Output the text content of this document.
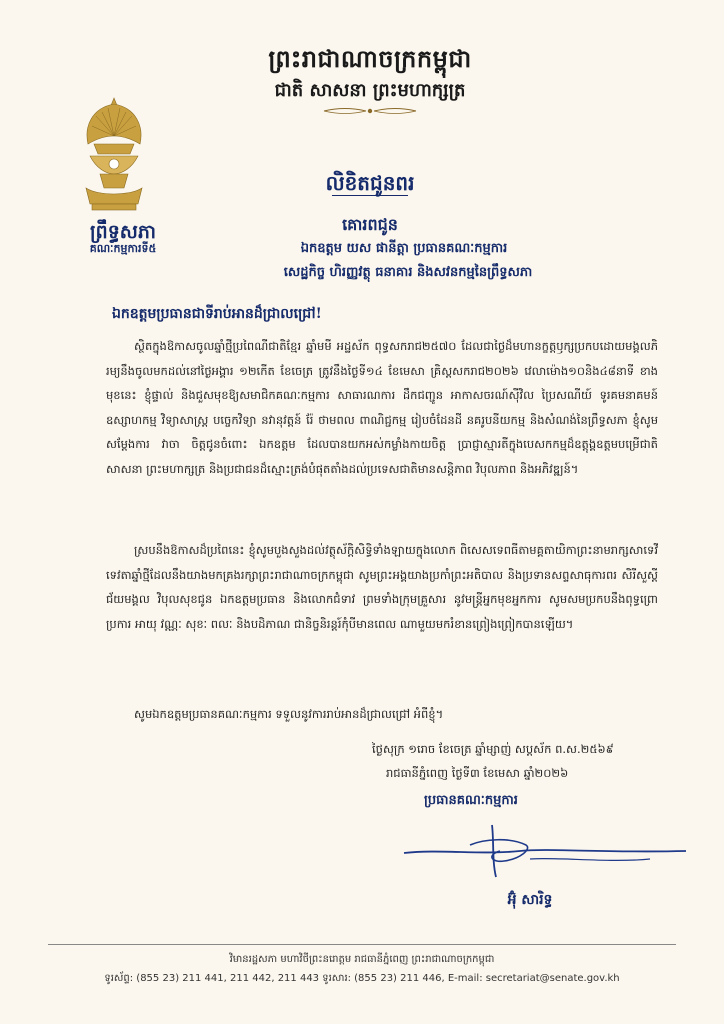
ព្រះរាជាណាចក្រកម្ពុជា
ជាតិ សាសនា ព្រះមហាក្សត្រ
ព្រឹទ្ធសភា
គណៈកម្មការទី៥
លិខិតជូនពរ
គោរពជូន
ឯកឧត្តម យស ផានីត្តា ប្រធានគណៈកម្មការ
សេដ្ឋកិច្ច ហិរញ្ញវត្ថុ ធនាគារ និងសវនកម្មនៃព្រឹទ្ធសភា
ឯកឧត្តមប្រធានជាទីរាប់អានដ៏ជ្រាលជ្រៅ!
ស្ថិតក្នុងឱកាសចូលឆ្នាំថ្មីប្រពៃណីជាតិខ្មែរ ឆ្នាំមមី អដ្ឋស័ក ពុទ្ធសករាជ២៥៧០ ដែលជាថ្ងៃដ៏មហានក្ខត្តឫក្សប្រកបដោយមង្គលភិរម្យនឹងចូលមកដល់នៅថ្ងៃអង្គារ ១២កើត ខែចេត្រ ត្រូវនឹងថ្ងៃទី១៤ ខែមេសា គ្រិស្តសករាជ២០២៦ វេលាម៉ោង១០និង៤៨នាទី ខាងមុខនេះ ខ្ញុំផ្ទាល់ និងជួសមុខឱ្យសមាជិកគណៈកម្មការ សាធារណការ ដឹកជញ្ជូន អាកាសចរណ៍ស៊ីវិល ប្រៃសណីយ៍ ទូរគមនាគមន៍ ឧស្សាហកម្ម វិទ្យាសាស្ត្រ បច្ចេកវិទ្យា នវានុវត្តន៍ រ៉ែ ថាមពល ពាណិជ្ជកម្ម រៀបចំដែនដី នគរូបនីយកម្ម និងសំណង់នៃព្រឹទ្ធសភា ខ្ញុំសូមសម្ដែងការ វាចា ចិត្តជូនចំពោះ ឯកឧត្តម ដែលបានយកអស់កម្លាំងកាយចិត្ត ប្រាជ្ញាស្មារតីក្នុងបេសកកម្មដ៏ឧត្តុង្គឧត្តមបម្រើជាតិ សាសនា ព្រះមហាក្សត្រ និងប្រជាជនដ៏ស្មោះត្រង់បំផុតតាំងដល់ប្រទេសជាតិមានសន្តិភាព វិបុលភាព និងអភិវឌ្ឍន៍។
ស្របនឹងឱកាសដ៏ប្រពៃនេះ ខ្ញុំសូមបួងសួងដល់វត្ថុស័ក្តិសិទ្ធិទាំងឡាយក្នុងលោក ពិសេសទេពធីតាមគ្គតាយិកាព្រះនាមរាក្សសាទេវី ទេវតាឆ្នាំថ្មីដែលនឹងយាងមកគ្រងរក្សាព្រះរាជាណាចក្រកម្ពុជា សូមព្រះអង្គយាងប្រកាំព្រះអតិបាល និងប្រទានសព្ទសាធុការពរ សិរីសួស្តី ជ័យមង្គល វិបុលសុខជូន ឯកឧត្តមប្រធាន និងលោកជំទាវ ព្រមទាំងក្រុមគ្រួសារ នូវមន្ត្រីអ្នកមុខអ្នកការ សូមសមប្រកបនឹងពុទ្ធព្រោប្រការ អាយុ វណ្ណៈ សុខៈ ពលៈ និងបដិភាណ ជានិច្ចនិរន្តរ៍កុំបីមានពេល ណាមួយមករំខានព្រៀងព្រៀកបានឡើយ។
សូមឯកឧត្តមប្រធានគណៈកម្មការ ទទួលនូវការរាប់អានដ៏ជ្រាលជ្រៅ អំពីខ្ញុំ។
ថ្ងៃសុក្រ ១រោច ខែចេត្រ ឆ្នាំម្សាញ់ សប្តស័ក ព.ស.២៥៦៩
រាជធានីភ្នំពេញ ថ្ងៃទី៣ ខែមេសា ឆ្នាំ២០២៦
ប្រធានគណៈកម្មការ
អ៊ុំ សារិទ្ធ
វិមានរដ្ឋសភា មហាវិថីព្រះនរោត្តម រាជធានីភ្នំពេញ ព្រះរាជាណាចក្រកម្ពុជា
ទូរស័ព្ទ: (855 23) 211 441, 211 442, 211 443 ទូរសារ: (855 23) 211 446, E-mail: secretariat@senate.gov.kh
